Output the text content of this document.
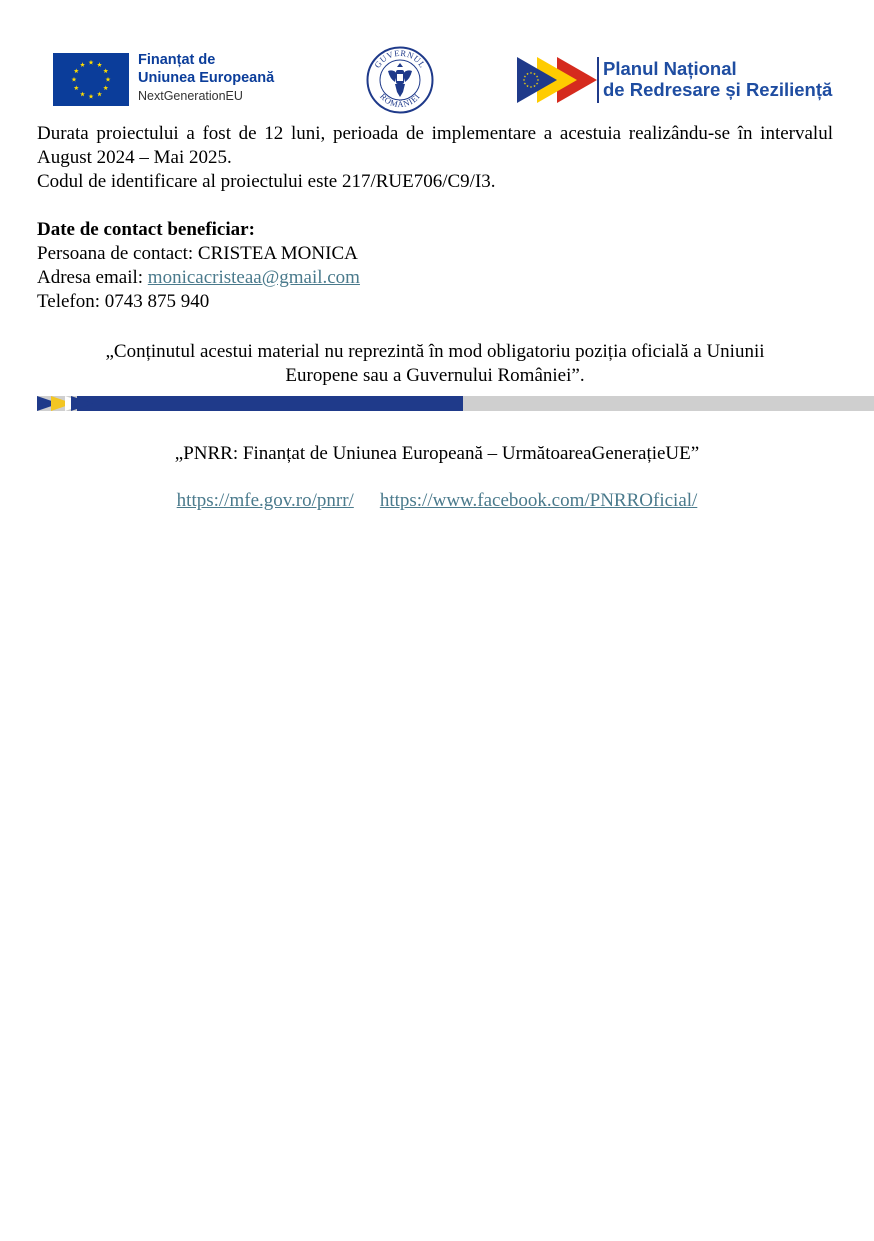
Finanțat de
Uniunea Europeană
NextGenerationEU
GUVERNUL
ROMÂNIEI
Planul Național
de Redresare și Reziliență
Durata proiectului a fost de 12 luni, perioada de implementare a acestuia realizându-se în intervalul August 2024 – Mai 2025.
Codul de identificare al proiectului este 217/RUE706/C9/I3.
Date de contact beneficiar:
Persoana de contact: CRISTEA MONICA
Adresa email: monicacristeaa@gmail.com
Telefon: 0743 875 940
„Conținutul acestui material nu reprezintă în mod obligatoriu poziția oficială a Uniunii
Europene sau a Guvernului României”.
„PNRR: Finanțat de Uniunea Europeană – UrmătoareaGenerațieUE”
https://mfe.gov.ro/pnrr/ https://www.facebook.com/PNRROficial/
